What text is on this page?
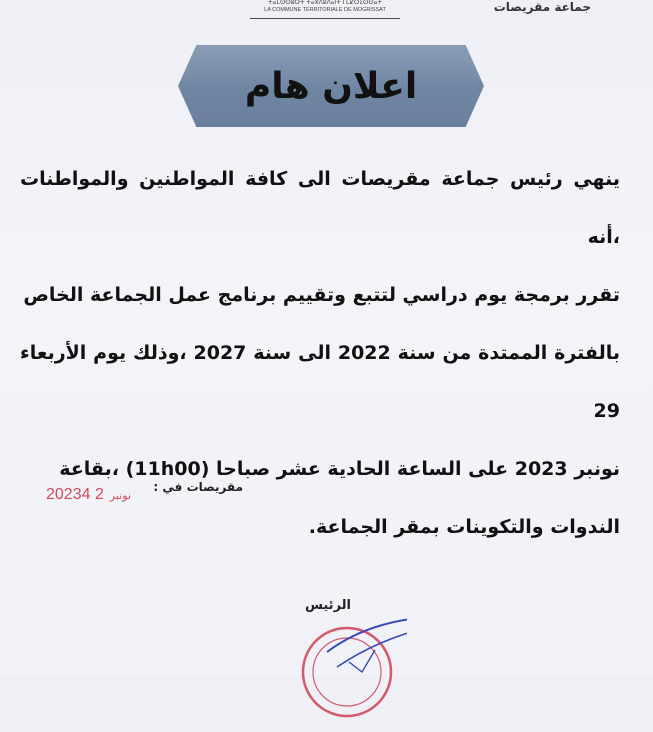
ⵜⴰⵎⵙⵙⵓⵔⵜ ⵜⴰⴳⴷⵓⴷⴰⵏⵜ ⵏ ⵎⵇⵔⵉⵙⵙⴰⵜ
LA COMMUNE TERRITORIALE DE MOGRISSAT	جماعة مقريصات
اعلان هام

ينهي رئيس جماعة مقريصات الى كافة المواطنين والمواطنات ،أنه

تقرر برمجة يوم دراسي لتتبع وتقييم برنامج عمل الجماعة الخاص

بالفترة الممتدة من سنة 2022 الى سنة 2027 ،وذلك يوم الأربعاء 29

نونبر 2023 على الساعة الحادية عشر صباحا (11h00) ،بقاعة

الندوات والتكوينات بمقر الجماعة.

مقريصات في :
2023	نونبر2 4
الرئيس
